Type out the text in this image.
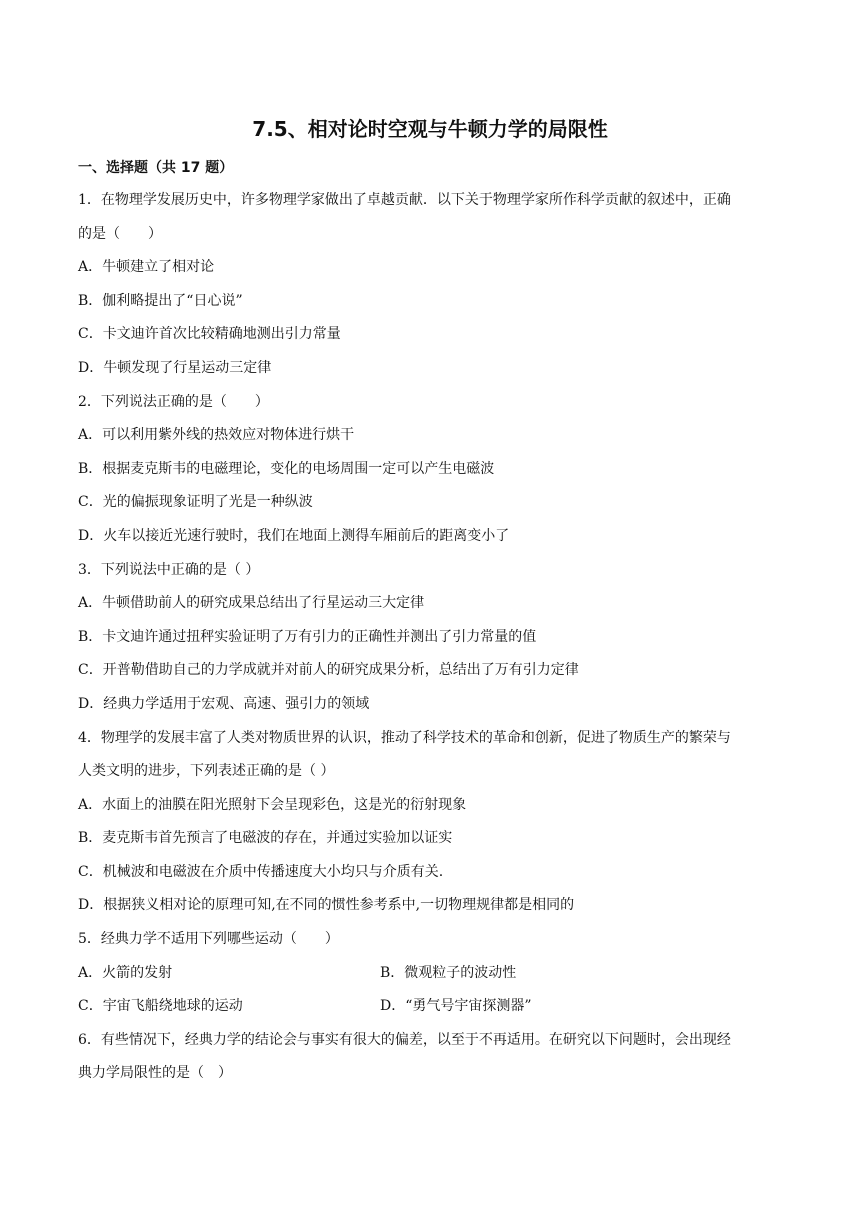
7.5、相对论时空观与牛顿力学的局限性
一、选择题（共 17 题）
1．在物理学发展历史中，许多物理学家做出了卓越贡献．以下关于物理学家所作科学贡献的叙述中，正确
的是（　　）
A．牛顿建立了相对论
B．伽利略提出了“日心说”
C．卡文迪许首次比较精确地测出引力常量
D．牛顿发现了行星运动三定律
2．下列说法正确的是（　　）
A．可以利用紫外线的热效应对物体进行烘干
B．根据麦克斯韦的电磁理论，变化的电场周围一定可以产生电磁波
C．光的偏振现象证明了光是一种纵波
D．火车以接近光速行驶时，我们在地面上测得车厢前后的距离变小了
3．下列说法中正确的是（ ）
A．牛顿借助前人的研究成果总结出了行星运动三大定律
B．卡文迪许通过扭秤实验证明了万有引力的正确性并测出了引力常量的值
C．开普勒借助自己的力学成就并对前人的研究成果分析，总结出了万有引力定律
D．经典力学适用于宏观、高速、强引力的领域
4．物理学的发展丰富了人类对物质世界的认识，推动了科学技术的革命和创新，促进了物质生产的繁荣与
人类文明的进步，下列表述正确的是（ ）
A．水面上的油膜在阳光照射下会呈现彩色，这是光的衍射现象
B．麦克斯韦首先预言了电磁波的存在，并通过实验加以证实
C．机械波和电磁波在介质中传播速度大小均只与介质有关.
D．根据狭义相对论的原理可知,在不同的惯性参考系中,一切物理规律都是相同的
5．经典力学不适用下列哪些运动（　　）
A．火箭的发射	B．微观粒子的波动性
C．宇宙飞船绕地球的运动	D．“勇气号宇宙探测器”
6．有些情况下，经典力学的结论会与事实有很大的偏差，以至于不再适用。在研究以下问题时，会出现经
典力学局限性的是（　）
